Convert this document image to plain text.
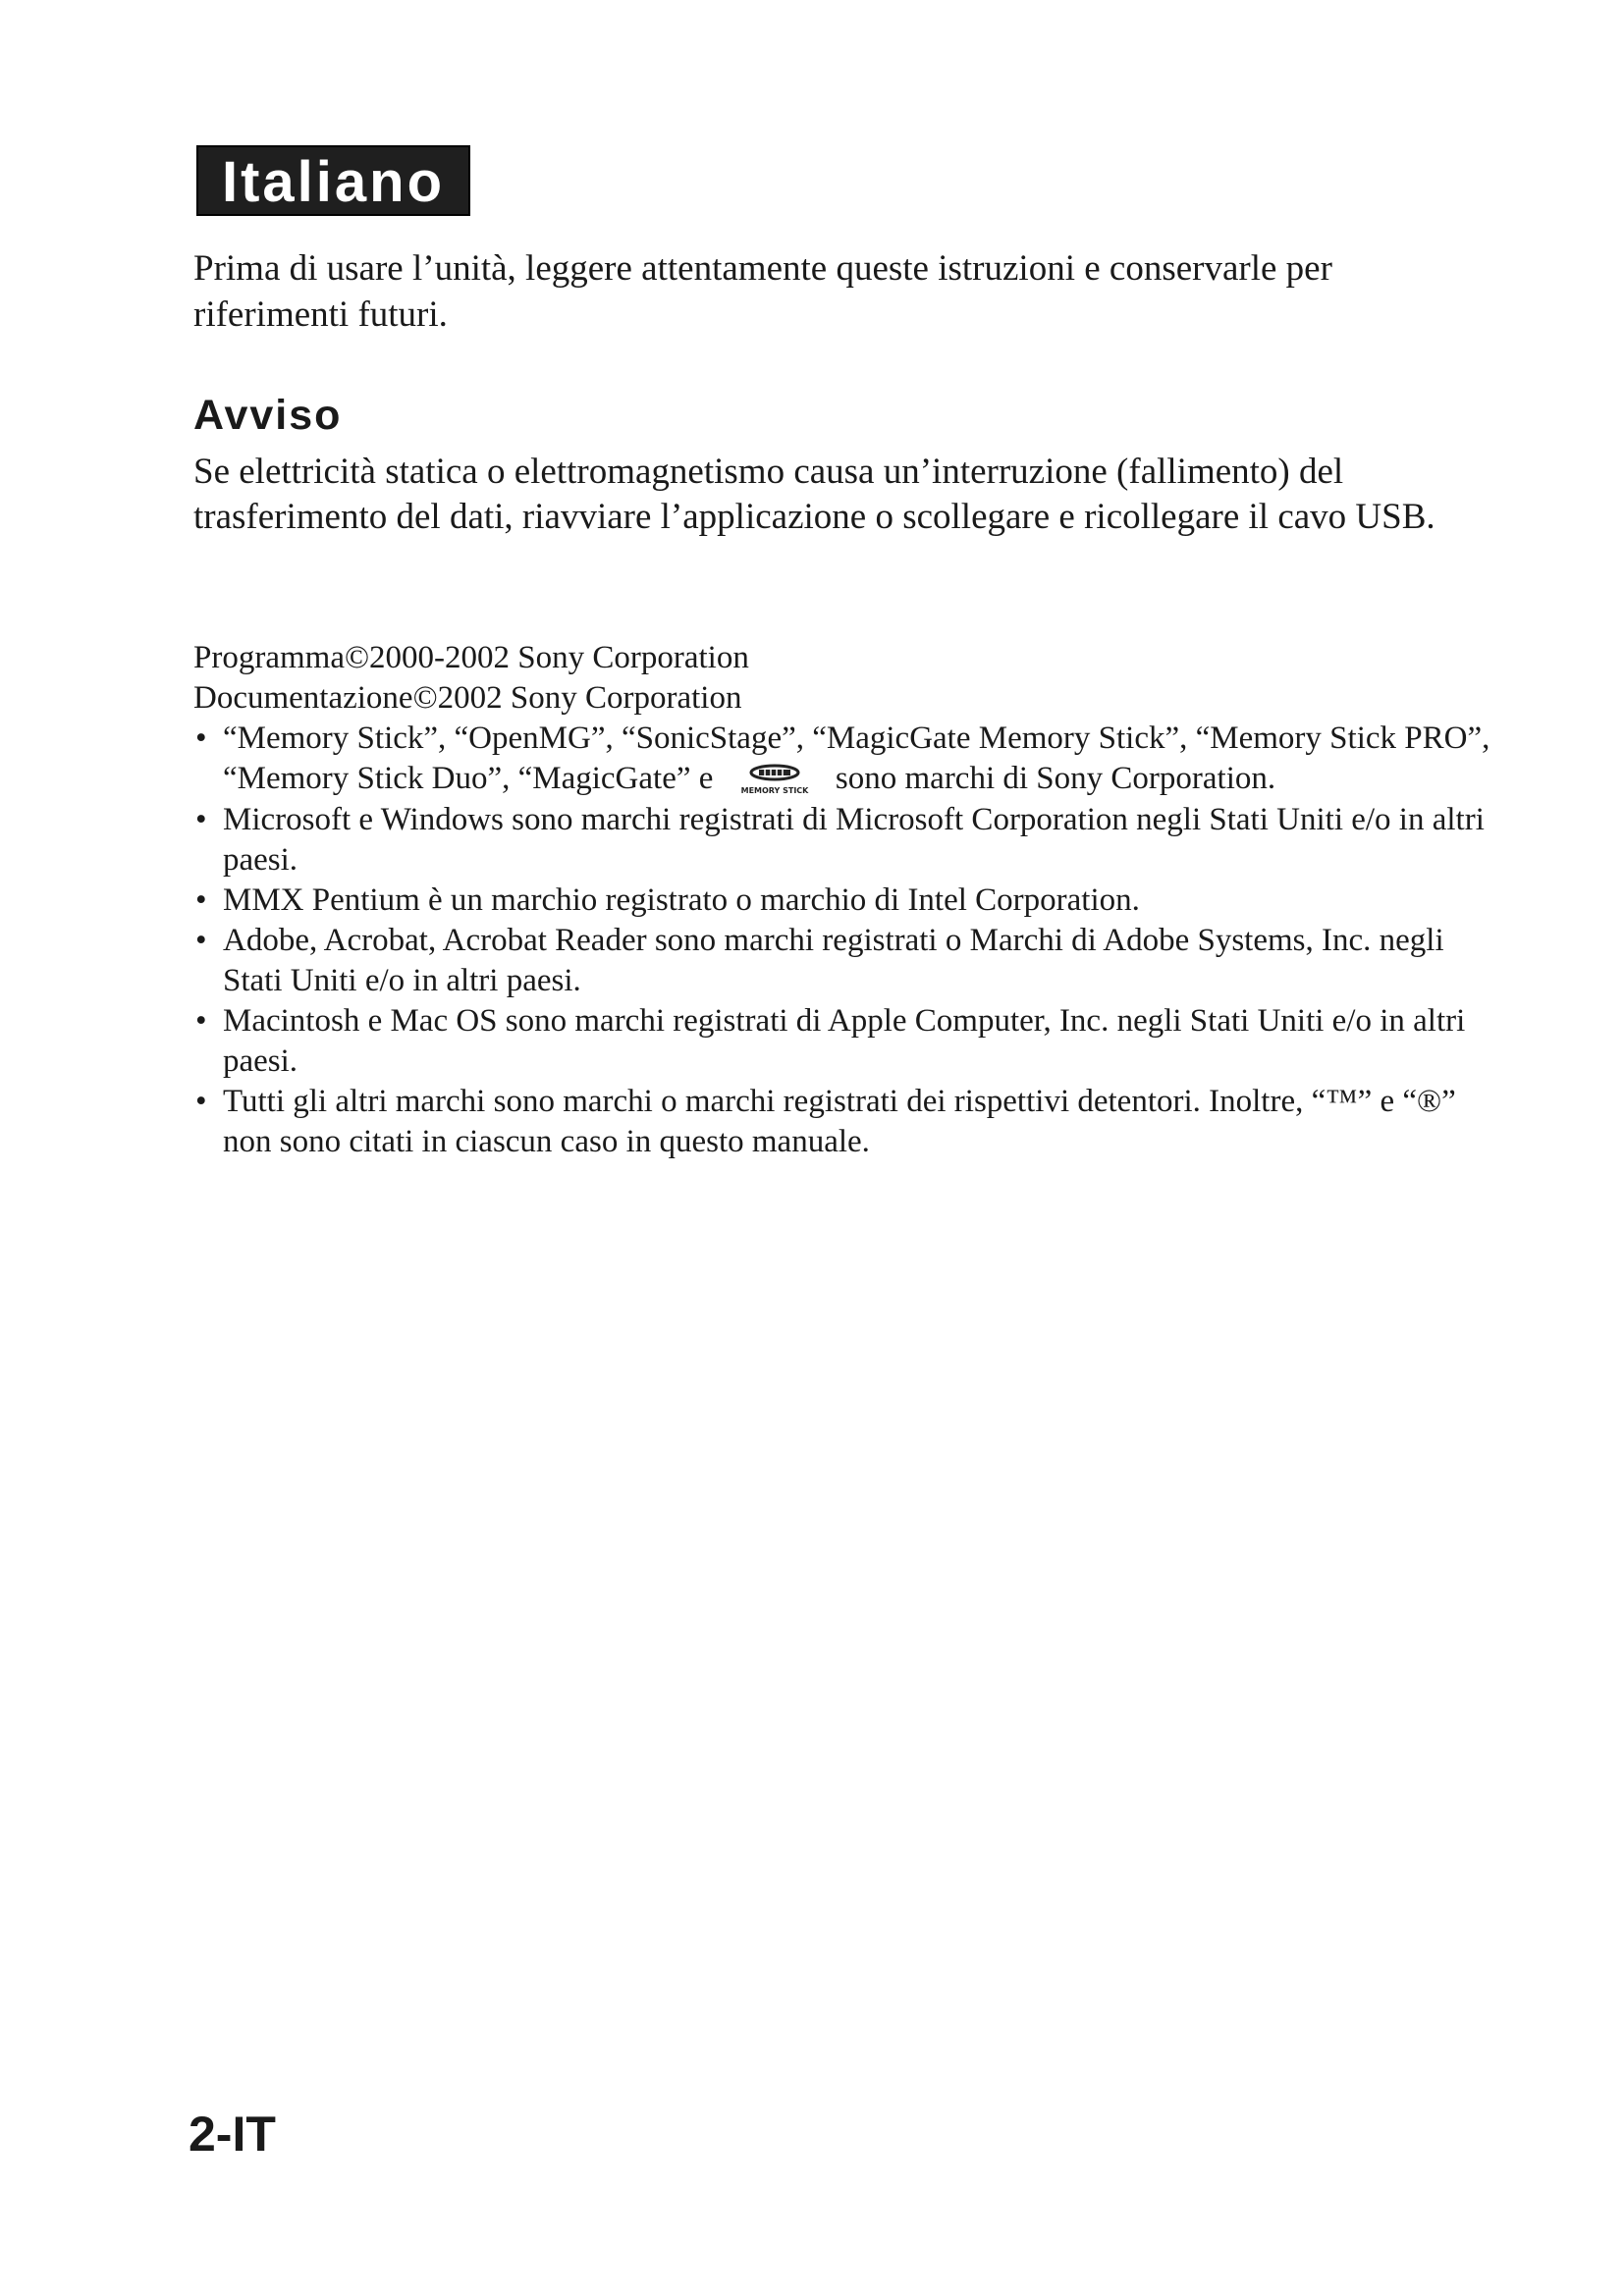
Italiano

Prima di usare l’unità, leggere attentamente queste istruzioni e conservarle per riferimenti futuri.

Avviso

Se elettricità statica o elettromagnetismo causa un’interruzione (fallimento) del trasferimento del dati, riavviare l’applicazione o scollegare e ricollegare il cavo USB.

Programma©2000-2002 Sony Corporation
Documentazione©2002 Sony Corporation
• “Memory Stick”, “OpenMG”, “SonicStage”, “MagicGate Memory Stick”, “Memory Stick PRO”, “Memory Stick Duo”, “MagicGate” e	MEMORY STICK sono marchi di Sony Corporation.
• Microsoft e Windows sono marchi registrati di Microsoft Corporation negli Stati Uniti e/o in altri paesi.
• MMX Pentium è un marchio registrato o marchio di Intel Corporation.
• Adobe, Acrobat, Acrobat Reader sono marchi registrati o Marchi di Adobe Systems, Inc. negli Stati Uniti e/o in altri paesi.
• Macintosh e Mac OS sono marchi registrati di Apple Computer, Inc. negli Stati Uniti e/o in altri paesi.
• Tutti gli altri marchi sono marchi o marchi registrati dei rispettivi detentori. Inoltre, “™” e “®” non sono citati in ciascun caso in questo manuale.
2-IT
